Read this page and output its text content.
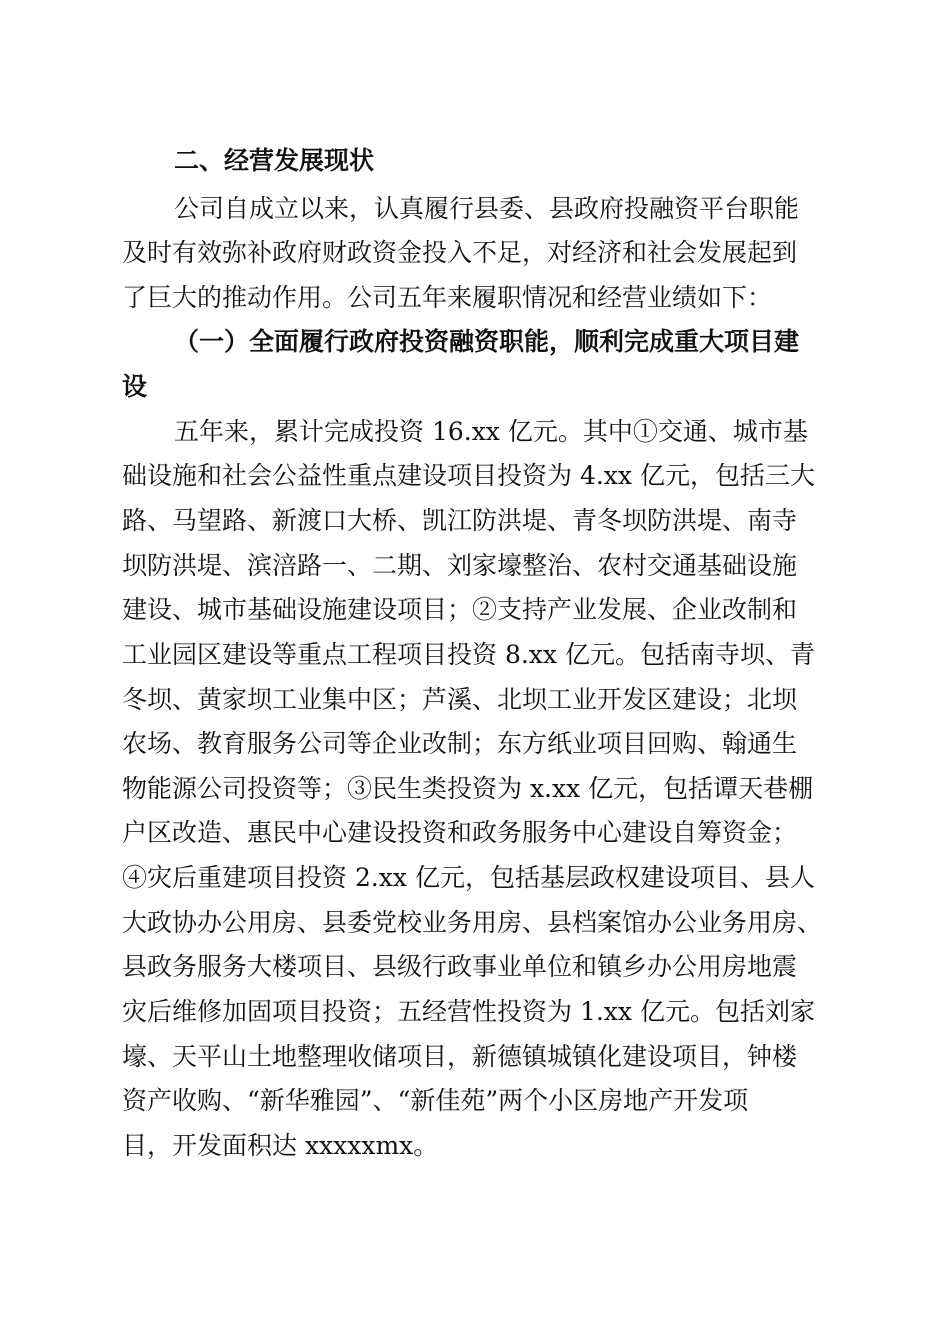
二、经营发展现状
公司自成立以来，认真履行县委、县政府投融资平台职能
及时有效弥补政府财政资金投入不足，对经济和社会发展起到
了巨大的推动作用。公司五年来履职情况和经营业绩如下：
（一）全面履行政府投资融资职能，顺利完成重大项目建
设
五年来，累计完成投资 16.xx 亿元。其中①交通、城市基
础设施和社会公益性重点建设项目投资为 4.xx 亿元，包括三大
路、马望路、新渡口大桥、凯江防洪堤、青冬坝防洪堤、南寺
坝防洪堤、滨涪路一、二期、刘家壕整治、农村交通基础设施
建设、城市基础设施建设项目；②支持产业发展、企业改制和
工业园区建设等重点工程项目投资 8.xx 亿元。包括南寺坝、青
冬坝、黄家坝工业集中区；芦溪、北坝工业开发区建设；北坝
农场、教育服务公司等企业改制；东方纸业项目回购、翰通生
物能源公司投资等；③民生类投资为 x.xx 亿元，包括谭天巷棚
户区改造、惠民中心建设投资和政务服务中心建设自筹资金；
④灾后重建项目投资 2.xx 亿元，包括基层政权建设项目、县人
大政协办公用房、县委党校业务用房、县档案馆办公业务用房、
县政务服务大楼项目、县级行政事业单位和镇乡办公用房地震
灾后维修加固项目投资；五经营性投资为 1.xx 亿元。包括刘家
壕、天平山土地整理收储项目，新德镇城镇化建设项目，钟楼
资产收购、“新华雅园”、“新佳苑”两个小区房地产开发项
目，开发面积达 xxxxxmx。
